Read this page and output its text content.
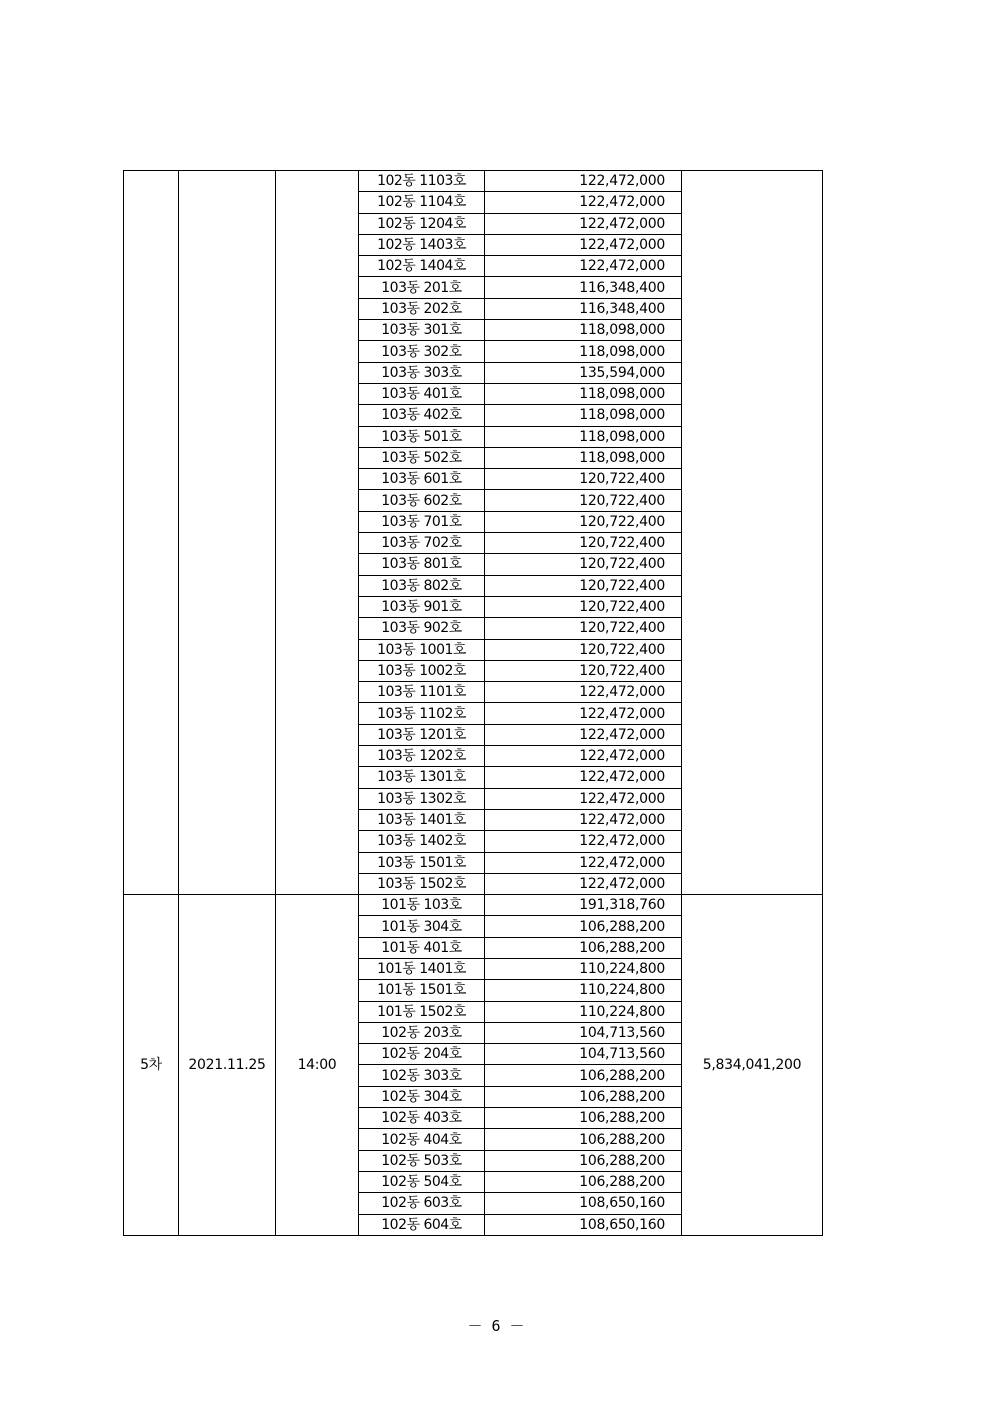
			102동 1103호	122,472,000	
			102동 1104호	122,472,000	
			102동 1204호	122,472,000	
			102동 1403호	122,472,000	
			102동 1404호	122,472,000	
			103동 201호	116,348,400	
			103동 202호	116,348,400	
			103동 301호	118,098,000	
			103동 302호	118,098,000	
			103동 303호	135,594,000	
			103동 401호	118,098,000	
			103동 402호	118,098,000	
			103동 501호	118,098,000	
			103동 502호	118,098,000	
			103동 601호	120,722,400	
			103동 602호	120,722,400	
			103동 701호	120,722,400	
			103동 702호	120,722,400	
			103동 801호	120,722,400	
			103동 802호	120,722,400	
			103동 901호	120,722,400	
			103동 902호	120,722,400	
			103동 1001호	120,722,400	
			103동 1002호	120,722,400	
			103동 1101호	122,472,000	
			103동 1102호	122,472,000	
			103동 1201호	122,472,000	
			103동 1202호	122,472,000	
			103동 1301호	122,472,000	
			103동 1302호	122,472,000	
			103동 1401호	122,472,000	
			103동 1402호	122,472,000	
			103동 1501호	122,472,000	
			103동 1502호	122,472,000	
5차	2021.11.25	14:00	101동 103호	191,318,760	5,834,041,200
			101동 304호	106,288,200	
			101동 401호	106,288,200	
			101동 1401호	110,224,800	
			101동 1501호	110,224,800	
			101동 1502호	110,224,800	
			102동 203호	104,713,560	
			102동 204호	104,713,560	
			102동 303호	106,288,200	
			102동 304호	106,288,200	
			102동 403호	106,288,200	
			102동 404호	106,288,200	
			102동 503호	106,288,200	
			102동 504호	106,288,200	
			102동 603호	108,650,160	
			102동 604호	108,650,160	
－ 6 －
